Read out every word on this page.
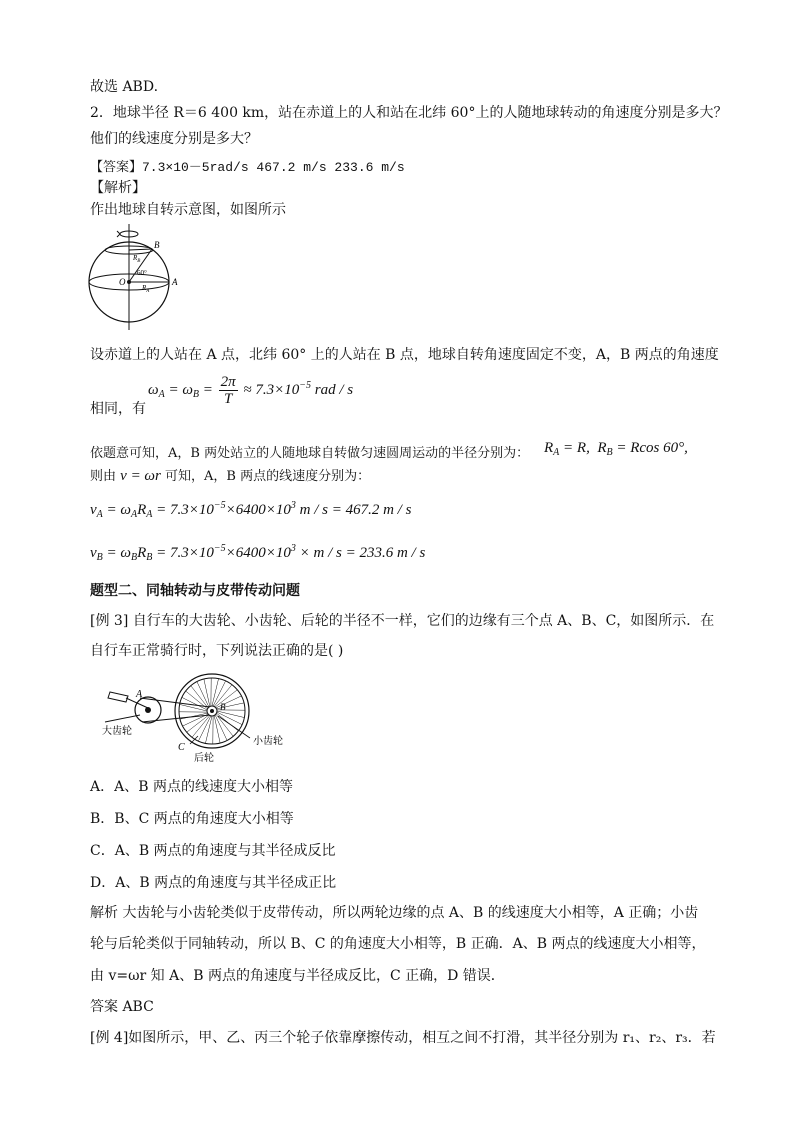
故选 ABD.
2．地球半径 R＝6 400 km，站在赤道上的人和站在北纬 60°上的人随地球转动的角速度分别是多大？
他们的线速度分别是多大？
【答案】7.3×10－5rad/s 467.2 m/s 233.6 m/s
【解析】
作出地球自转示意图，如图所示
B
$R_B$
60°
O
$R_A$
A
设赤道上的人站在 A 点，北纬 60° 上的人站在 B 点，地球自转角速度固定不变，A，B 两点的角速度
$\omega_A = \omega_B = \frac{2\pi}{T} \approx 7.3\times 10^{-5}$ rad / s
相同，有
依题意可知，A，B 两处站立的人随地球自转做匀速圆周运动的半径分别为： $R_A = R$,  $R_B = Rcos$ 60°,
则由 v = ωr 可知，A，B 两点的线速度分别为：
$v_A = \omega_AR_A = 7.3\times 10^{-5}\times 6400\times 10^3$ m / s = 467.2 m / s
$v_B = \omega_BR_B = 7.3\times 10^{-5}\times 6400\times 10^3 \times m / s = 233.6$ m / s
题型二、同轴转动与皮带传动问题
[例 3] 自行车的大齿轮、小齿轮、后轮的半径不一样，它们的边缘有三个点 A、B、C，如图所示．在
自行车正常骑行时，下列说法正确的是( )
A
B
C
大齿轮
小齿轮
后轮
A．A、B 两点的线速度大小相等
B．B、C 两点的角速度大小相等
C．A、B 两点的角速度与其半径成反比
D．A、B 两点的角速度与其半径成正比
解析 大齿轮与小齿轮类似于皮带传动，所以两轮边缘的点 A、B 的线速度大小相等，A 正确；小齿
轮与后轮类似于同轴转动，所以 B、C 的角速度大小相等，B 正确．A、B 两点的线速度大小相等，
由 v=ωr 知 A、B 两点的角速度与半径成反比，C 正确，D 错误．
答案 ABC
[例 4]如图所示，甲、乙、丙三个轮子依靠摩擦传动，相互之间不打滑，其半径分别为 r₁、r₂、r₃．若
